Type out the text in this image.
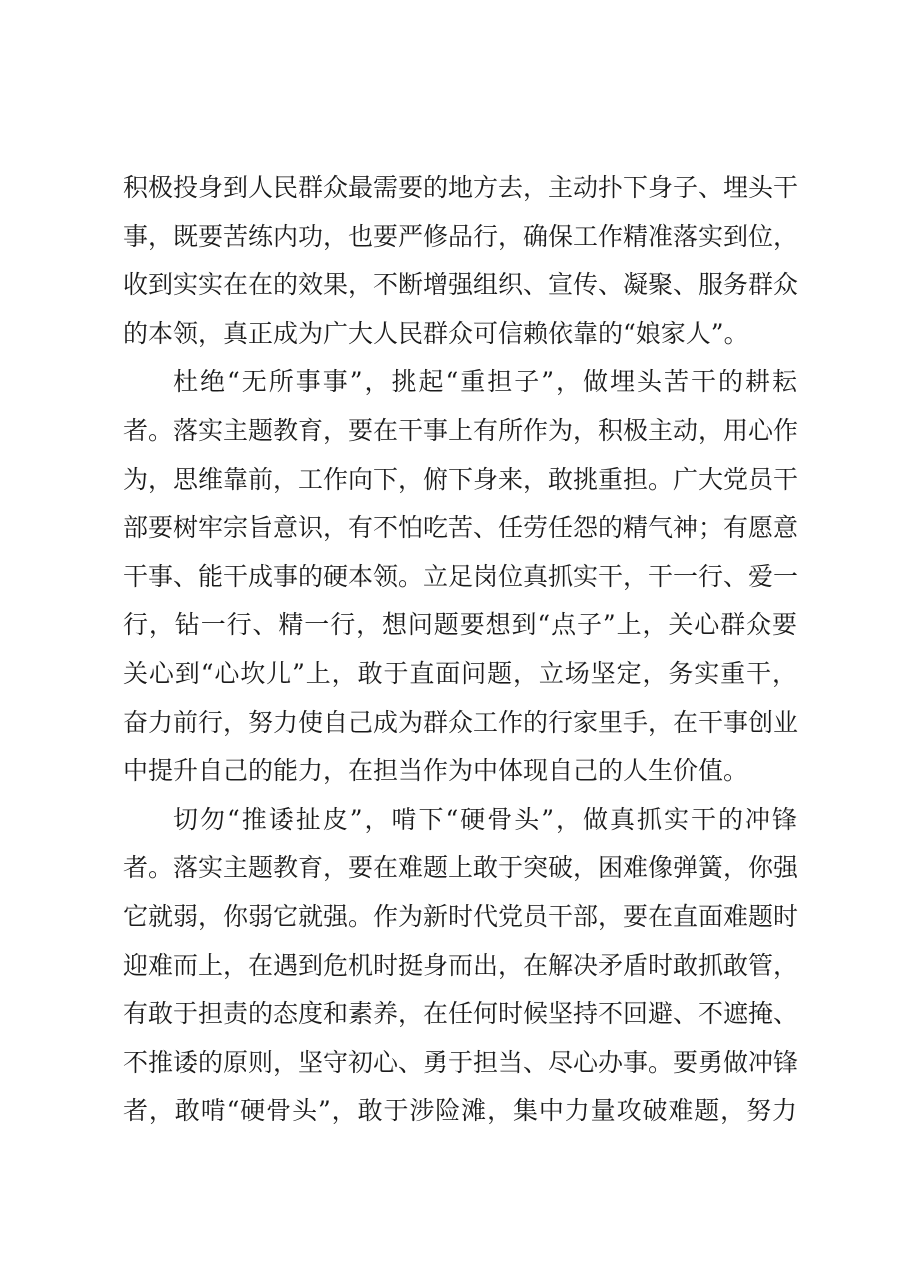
积极投身到人民群众最需要的地方去，主动扑下身子、埋头干
事，既要苦练内功，也要严修品行，确保工作精准落实到位，
收到实实在在的效果，不断增强组织、宣传、凝聚、服务群众
的本领，真正成为广大人民群众可信赖依靠的“娘家人”。
杜绝“无所事事”，挑起“重担子”，做埋头苦干的耕耘
者。落实主题教育，要在干事上有所作为，积极主动，用心作
为，思维靠前，工作向下，俯下身来，敢挑重担。广大党员干
部要树牢宗旨意识，有不怕吃苦、任劳任怨的精气神；有愿意
干事、能干成事的硬本领。立足岗位真抓实干，干一行、爱一
行，钻一行、精一行，想问题要想到“点子”上，关心群众要
关心到“心坎儿”上，敢于直面问题，立场坚定，务实重干，
奋力前行，努力使自己成为群众工作的行家里手，在干事创业
中提升自己的能力，在担当作为中体现自己的人生价值。
切勿“推诿扯皮”，啃下“硬骨头”，做真抓实干的冲锋
者。落实主题教育，要在难题上敢于突破，困难像弹簧，你强
它就弱，你弱它就强。作为新时代党员干部，要在直面难题时
迎难而上，在遇到危机时挺身而出，在解决矛盾时敢抓敢管，
有敢于担责的态度和素养，在任何时候坚持不回避、不遮掩、
不推诿的原则，坚守初心、勇于担当、尽心办事。要勇做冲锋
者，敢啃“硬骨头”，敢于涉险滩，集中力量攻破难题，努力
